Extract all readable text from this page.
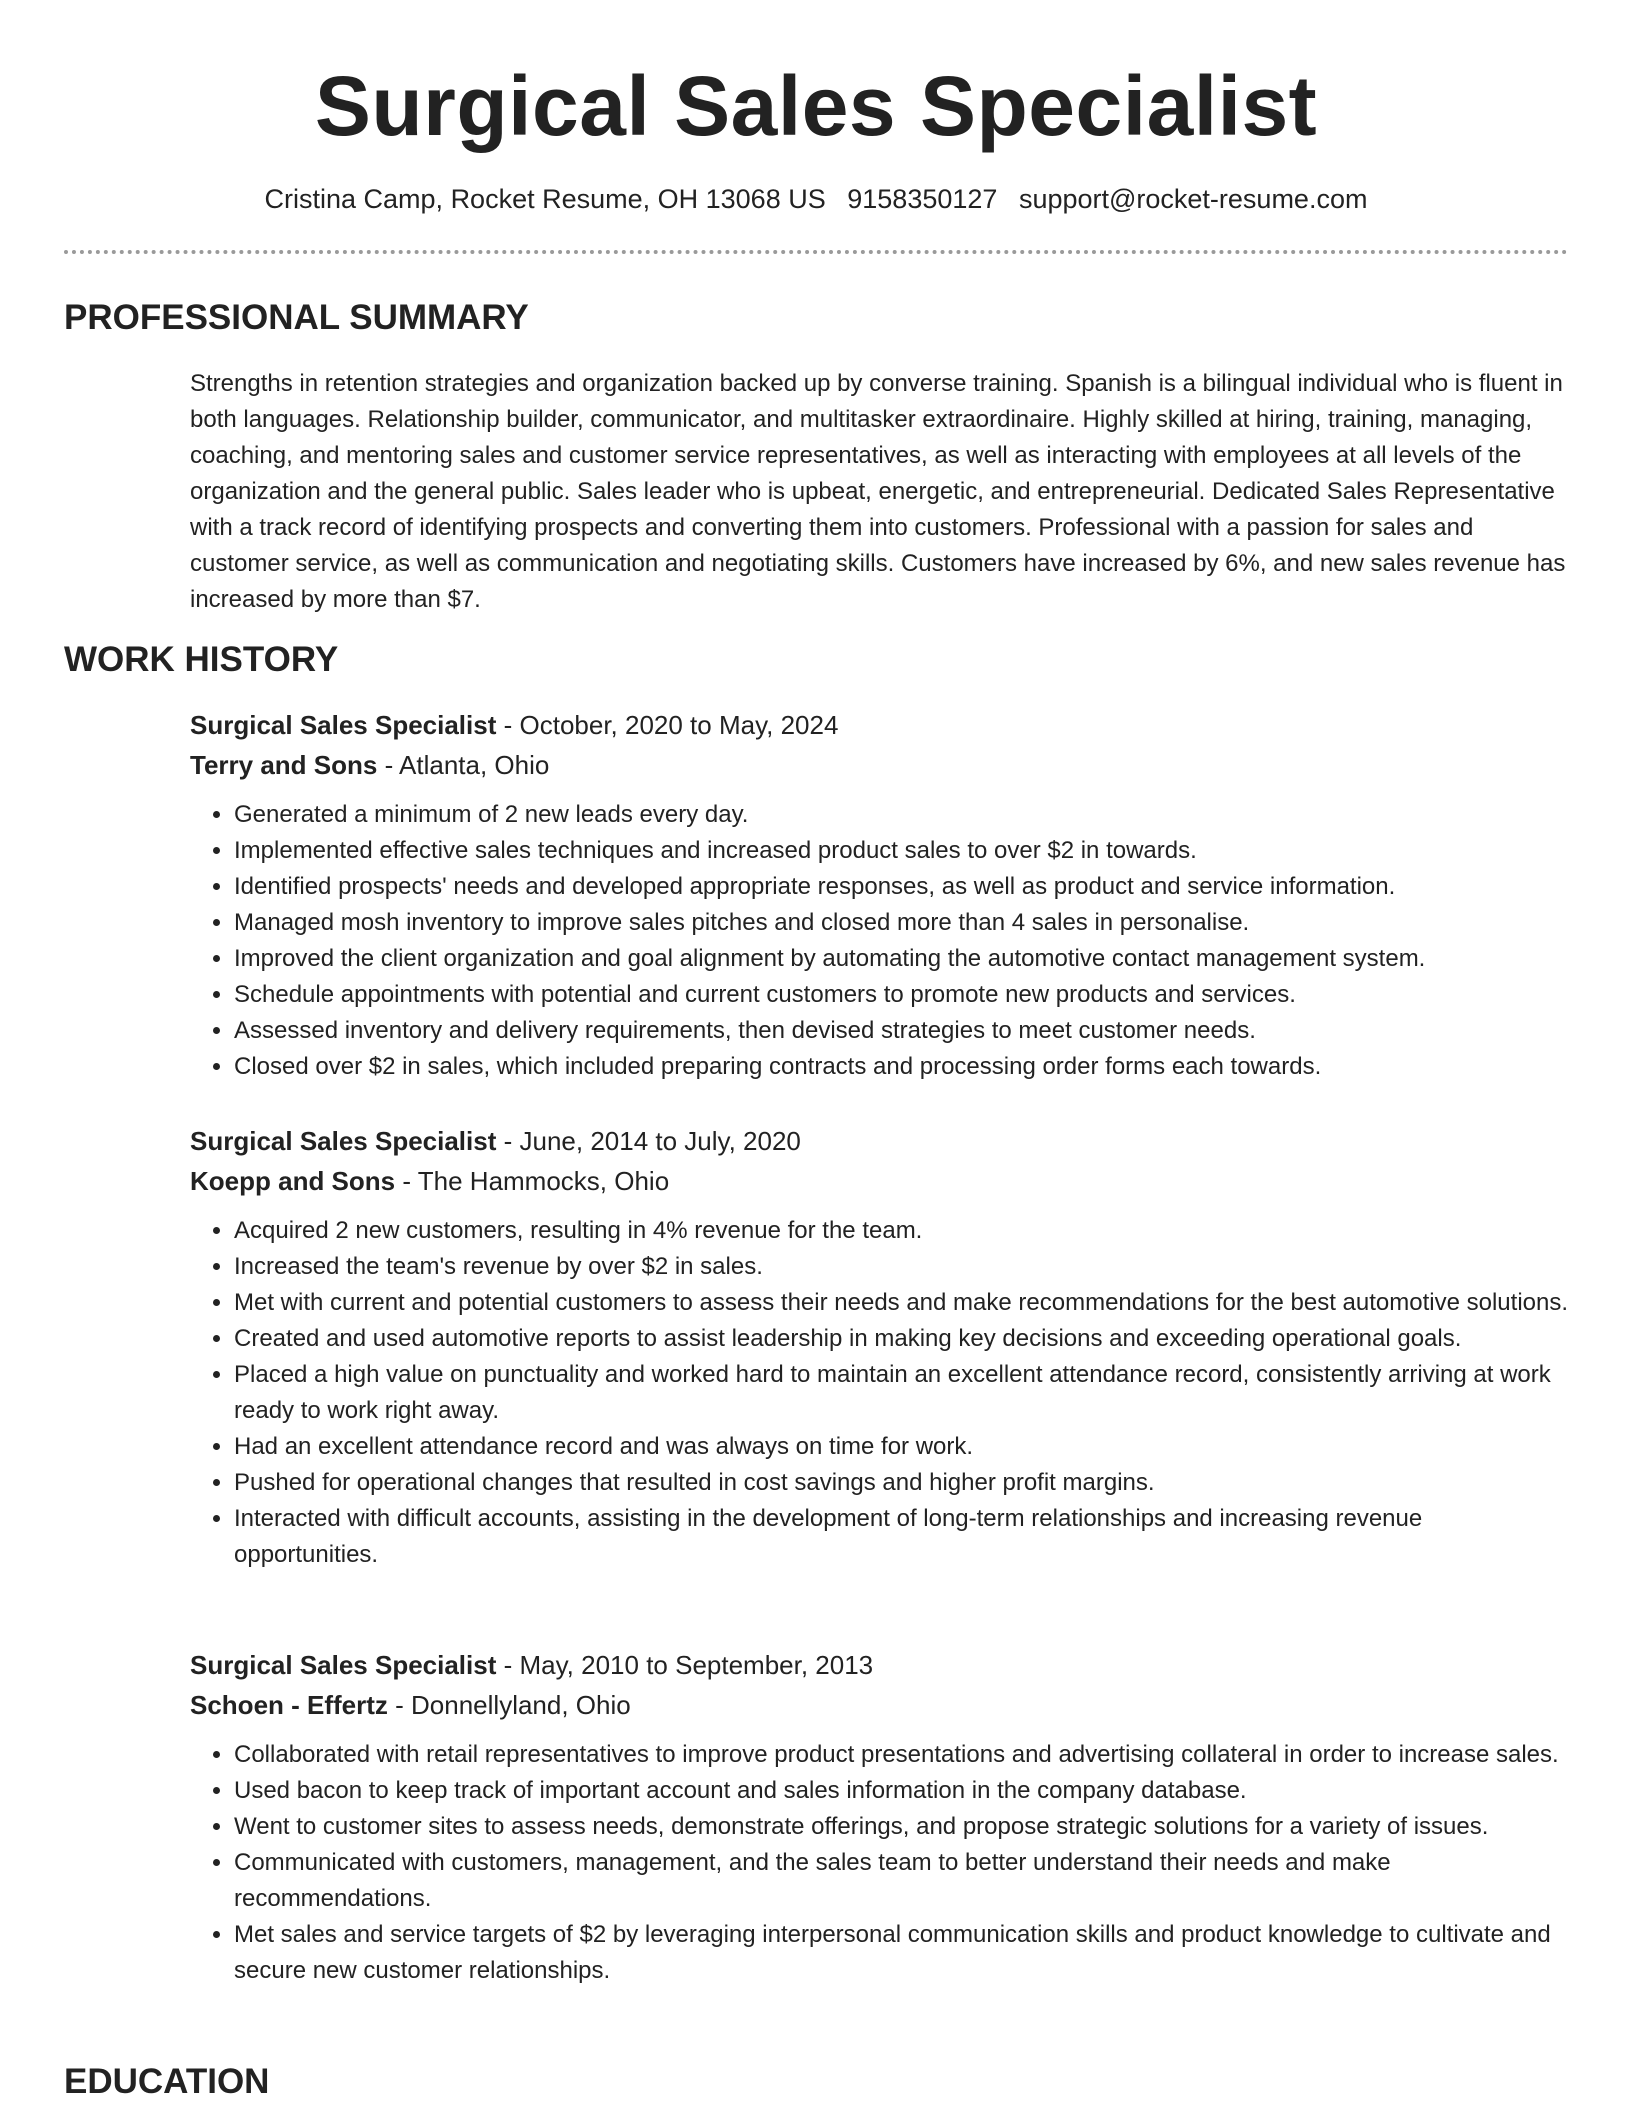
Surgical Sales Specialist
Cristina Camp, Rocket Resume, OH 13068 US 9158350127 support@rocket-resume.com
PROFESSIONAL SUMMARY

Strengths in retention strategies and organization backed up by converse training. Spanish is a bilingual individual who is fluent in both languages. Relationship builder, communicator, and multitasker extraordinaire. Highly skilled at hiring, training, managing, coaching, and mentoring sales and customer service representatives, as well as interacting with employees at all levels of the organization and the general public. Sales leader who is upbeat, energetic, and entrepreneurial. Dedicated Sales Representative with a track record of identifying prospects and converting them into customers. Professional with a passion for sales and customer service, as well as communication and negotiating skills. Customers have increased by 6%, and new sales revenue has increased by more than $7.

WORK HISTORY
Surgical Sales Specialist - October, 2020 to May, 2024
Terry and Sons - Atlanta, Ohio
• Generated a minimum of 2 new leads every day.
• Implemented effective sales techniques and increased product sales to over $2 in towards.
• Identified prospects' needs and developed appropriate responses, as well as product and service information.
• Managed mosh inventory to improve sales pitches and closed more than 4 sales in personalise.
• Improved the client organization and goal alignment by automating the automotive contact management system.
• Schedule appointments with potential and current customers to promote new products and services.
• Assessed inventory and delivery requirements, then devised strategies to meet customer needs.
• Closed over $2 in sales, which included preparing contracts and processing order forms each towards.
Surgical Sales Specialist - June, 2014 to July, 2020
Koepp and Sons - The Hammocks, Ohio
• Acquired 2 new customers, resulting in 4% revenue for the team.
• Increased the team's revenue by over $2 in sales.
• Met with current and potential customers to assess their needs and make recommendations for the best automotive solutions.
• Created and used automotive reports to assist leadership in making key decisions and exceeding operational goals.
• Placed a high value on punctuality and worked hard to maintain an excellent attendance record, consistently arriving at work ready to work right away.
• Had an excellent attendance record and was always on time for work.
• Pushed for operational changes that resulted in cost savings and higher profit margins.
• Interacted with difficult accounts, assisting in the development of long-term relationships and increasing revenue opportunities.
Surgical Sales Specialist - May, 2010 to September, 2013
Schoen - Effertz - Donnellyland, Ohio
• Collaborated with retail representatives to improve product presentations and advertising collateral in order to increase sales.
• Used bacon to keep track of important account and sales information in the company database.
• Went to customer sites to assess needs, demonstrate offerings, and propose strategic solutions for a variety of issues.
• Communicated with customers, management, and the sales team to better understand their needs and make recommendations.
• Met sales and service targets of $2 by leveraging interpersonal communication skills and product knowledge to cultivate and secure new customer relationships.
EDUCATION
